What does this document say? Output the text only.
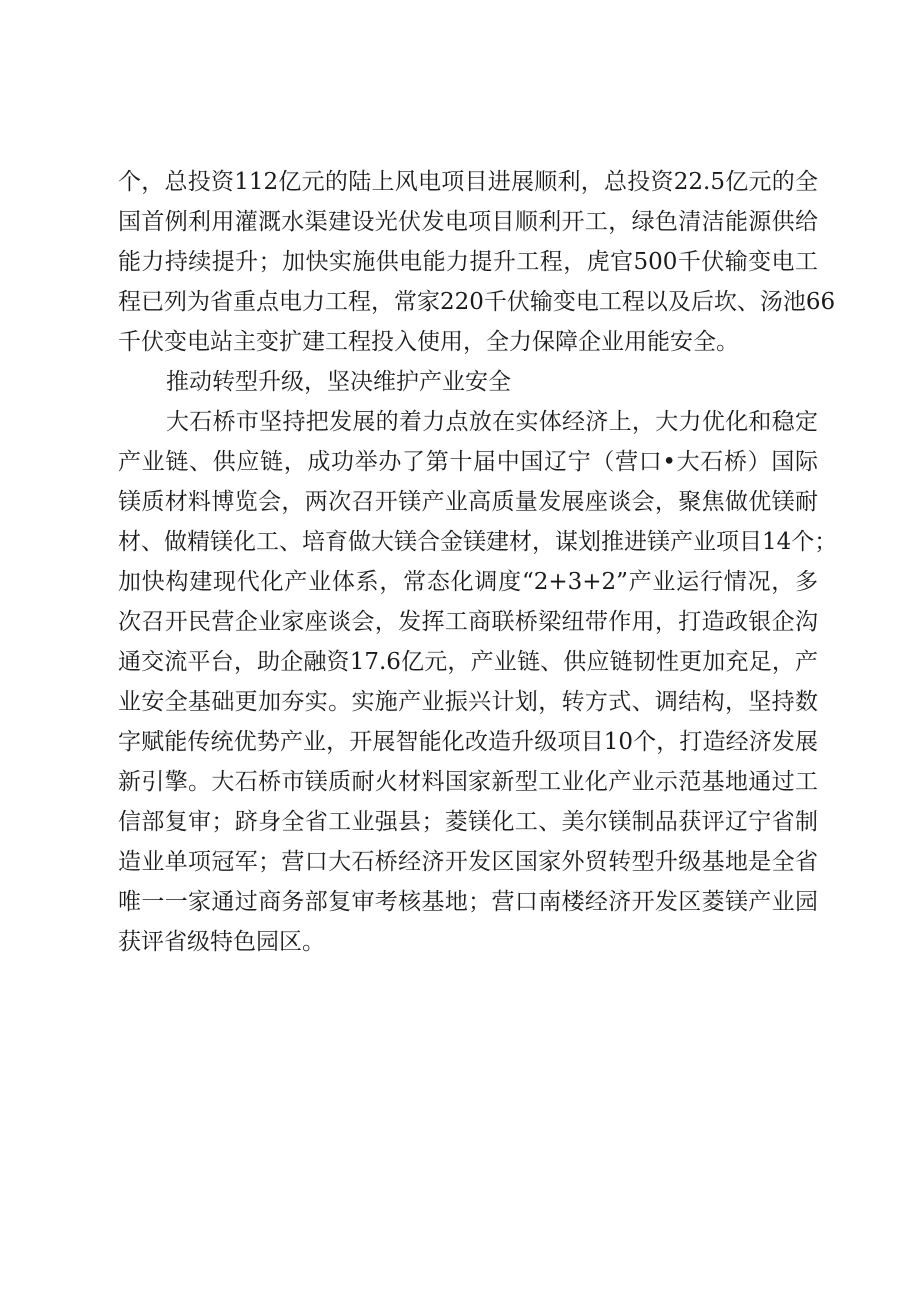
个，总投资112亿元的陆上风电项目进展顺利，总投资22.5亿元的全
国首例利用灌溉水渠建设光伏发电项目顺利开工，绿色清洁能源供给
能力持续提升；加快实施供电能力提升工程，虎官500千伏输变电工
程已列为省重点电力工程，常家220千伏输变电工程以及后坎、汤池66
千伏变电站主变扩建工程投入使用，全力保障企业用能安全。
推动转型升级，坚决维护产业安全
大石桥市坚持把发展的着力点放在实体经济上，大力优化和稳定
产业链、供应链，成功举办了第十届中国辽宁（营口•大石桥）国际
镁质材料博览会，两次召开镁产业高质量发展座谈会，聚焦做优镁耐
材、做精镁化工、培育做大镁合金镁建材，谋划推进镁产业项目14个；
加快构建现代化产业体系，常态化调度“2+3+2”产业运行情况，多
次召开民营企业家座谈会，发挥工商联桥梁纽带作用，打造政银企沟
通交流平台，助企融资17.6亿元，产业链、供应链韧性更加充足，产
业安全基础更加夯实。实施产业振兴计划，转方式、调结构，坚持数
字赋能传统优势产业，开展智能化改造升级项目10个，打造经济发展
新引擎。大石桥市镁质耐火材料国家新型工业化产业示范基地通过工
信部复审；跻身全省工业强县；菱镁化工、美尔镁制品获评辽宁省制
造业单项冠军；营口大石桥经济开发区国家外贸转型升级基地是全省
唯一一家通过商务部复审考核基地；营口南楼经济开发区菱镁产业园
获评省级特色园区。
